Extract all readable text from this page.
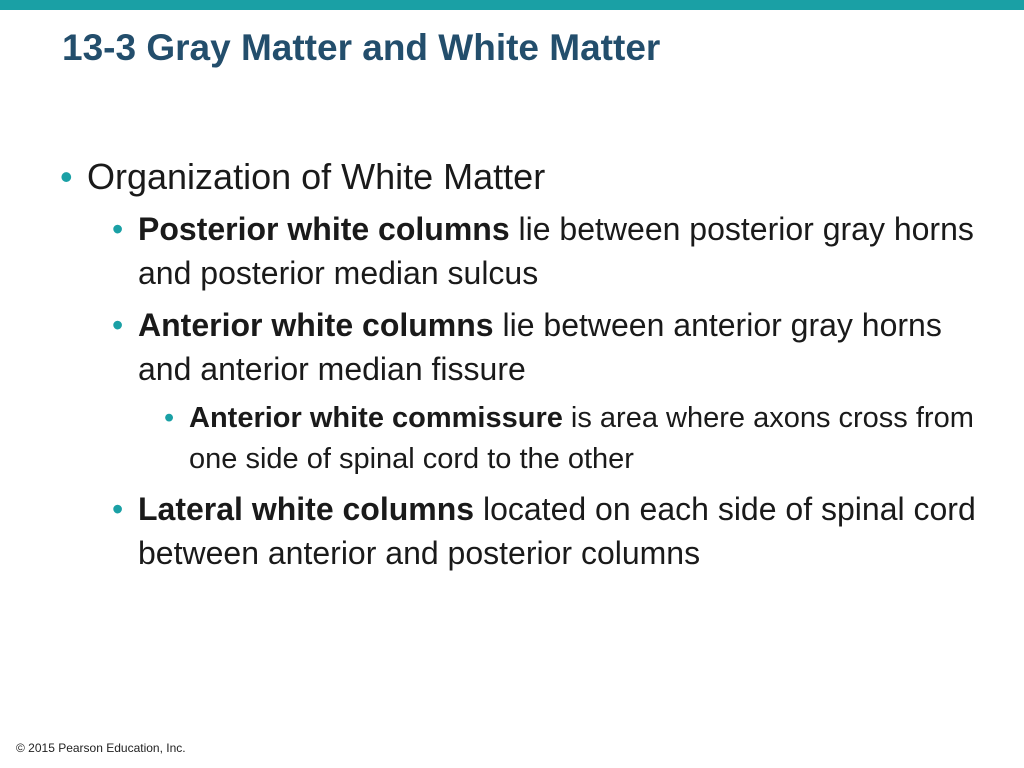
13-3 Gray Matter and White Matter
• Organization of White Matter
• Posterior white columns lie between posterior gray horns and posterior median sulcus
• Anterior white columns lie between anterior gray horns and anterior median fissure
• Anterior white commissure is area where axons cross from one side of spinal cord to the other
• Lateral white columns located on each side of spinal cord between anterior and posterior columns
© 2015 Pearson Education, Inc.
